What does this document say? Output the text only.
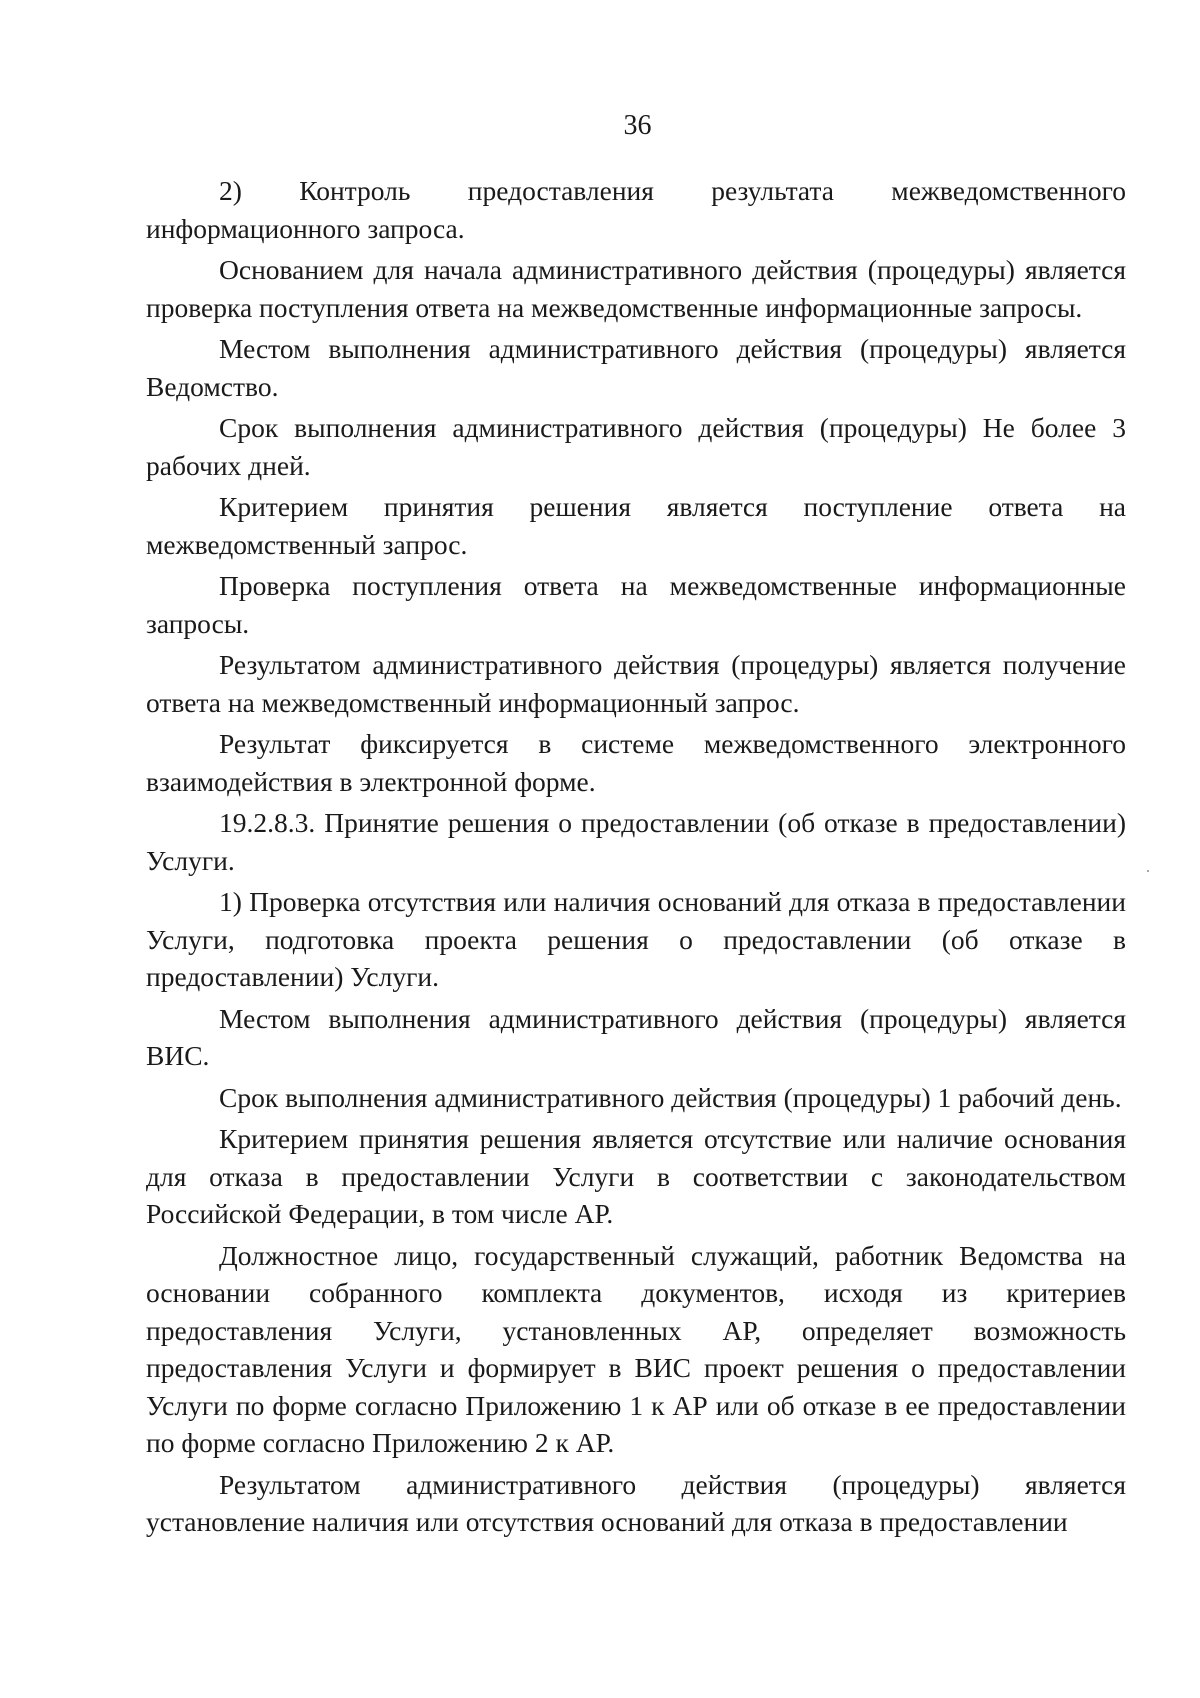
36

2) Контроль предоставления результата межведомственного информационного запроса.

Основанием для начала административного действия (процедуры) является проверка поступления ответа на межведомственные информационные запросы.

Местом выполнения административного действия (процедуры) является Ведомство.

Срок выполнения административного действия (процедуры) Не более 3 рабочих дней.

Критерием принятия решения является поступление ответа на межведомственный запрос.

Проверка поступления ответа на межведомственные информационные запросы.

Результатом административного действия (процедуры) является получение ответа на межведомственный информационный запрос.

Результат фиксируется в системе межведомственного электронного взаимодействия в электронной форме.

19.2.8.3. Принятие решения о предоставлении (об отказе в предоставлении) Услуги.

1) Проверка отсутствия или наличия оснований для отказа в предоставлении Услуги, подготовка проекта решения о предоставлении (об отказе в предоставлении) Услуги.

Местом выполнения административного действия (процедуры) является ВИС.

Срок выполнения административного действия (процедуры) 1 рабочий день.

Критерием принятия решения является отсутствие или наличие основания для отказа в предоставлении Услуги в соответствии с законодательством Российской Федерации, в том числе АР.

Должностное лицо, государственный служащий, работник Ведомства на основании собранного комплекта документов, исходя из критериев предоставления Услуги, установленных АР, определяет возможность предоставления Услуги и формирует в ВИС проект решения о предоставлении Услуги по форме согласно Приложению 1 к АР или об отказе в ее предоставлении по форме согласно Приложению 2 к АР.

Результатом административного действия (процедуры) является установление наличия или отсутствия оснований для отказа в предоставлении
